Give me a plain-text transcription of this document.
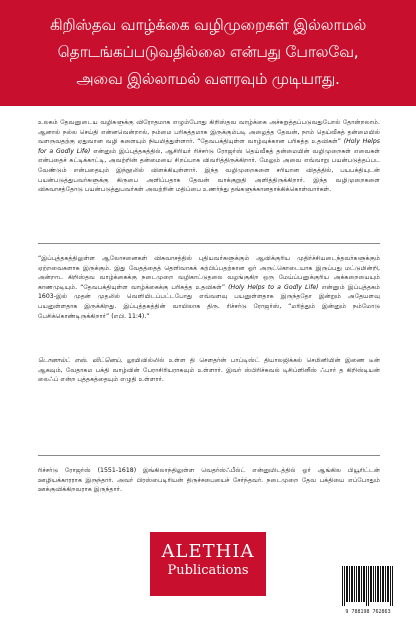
கிறிஸ்தவ வாழ்க்கை வழிமுறைகள் இல்லாமல்
தொடங்கப்படுவதில்லை என்பது போலவே,
அவை இல்லாமல் வளரவும் முடியாது.
உலகம் தேவனுடைய வழிகளுக்கு விரோதமாக எழும்போது கிறிஸ்தவ வாழ்க்கை அச்சுறுத்தப்படுவதுபோல் தோன்றலாம். ஆனால் நல்ல செய்தி என்னவென்றால், நம்மை பரிசுத்தமாக இருக்கும்படி அழைத்த தேவன், நாம் தெய்வீகத் தன்மையில் வளருவதற்கு ஏதுவான வழி களையும் நியமித்துள்ளார். “தேவபக்தியுள்ள வாழ்வுக்கான பரிசுத்த உதவிகள்” (Holy Helps for a Godly Life) என்னும் இப்புத்தகத்தில், ஆசிரியர் ரிச்சர்டு ரோஜர்ஸ் தெய்வீகத் தன்மையின் வழிமுறைகள் எவைகள் என்பதைச் சுட்டிக்காட்டி, அவற்றின் தன்மையை சிறப்பாக விவரித்திருக்கிறார். மேலும் அவை எவ்வாறு பயன்படுத்தப்பட வேண்டும் என்பதையும் இந்நூலில் விளக்கியுள்ளார். இந்த வழிமுறைகளை சரியான விதத்தில், பயபக்தியுடன் பயன்படுத்துபவர்களுக்கு கிருபை அளிப்பதாக தேவன் வாக்குறுதி அளித்திருக்கிறார். இந்த வழிமுறைகளை விசுவாசத்தோடு பயன்படுத்துபவர்கள் அவற்றின் மதிப்பை உணர்ந்து தங்களுக்கானதாக்கிக்கொள்வார்கள்.
“இப்புத்தகத்திலுள்ள ஆலோசனைகள் விசுவாசத்தில் புதியவர்களுக்கும் ஆவிக்குரிய முதிர்ச்சியடைந்தவர்களுக்கும் ஏற்றவைகளாக இருக்கும். இது வேதத்தைத் தெளிவாகக் கற்பிப்பதற்கான ஓர் அருட்கொடையாக இருப்பது மட்டுமின்றி, அன்றாட கிறிஸ்தவ வாழ்க்கைக்கு நடைமுறை வழிகாட்டுதலை வழங்குகிற ஒரு மேய்ப்பனுக்குரிய அக்கறையையும் காணமுடியும். “தேவபக்தியுள்ள வாழ்க்கைக்கு பரிசுத்த உதவிகள்” (Holy Helps to a Godly Life) என்னும் இப்புத்தகம் 1603-இல் முதன் முதலில் வெளியிடப்பட்டபோது எவ்வளவு பயனுள்ளதாக இருந்ததோ இன்றும் அதேயளவு பயனுள்ளதாக இருக்கிறது. இப்புத்தகத்தின் வாயிலாக திரு. ரிச்சர்டு ரோஜர்ஸ், “மரித்தும் இன்னும் நம்மோடு பேசிக்கொண்டிருக்கிறார்” (எபி. 11:4).”
டொனால்ட் எஸ். விட்னெய், லூயிவில்லில் உள்ள தி சௌதர்ன் பாப்டிஸ்ட் தியாலஜிக்கல் செமினியின் இணை டீன் ஆகவும், வேதாகம பக்தி வாழ்வின் பேராசிரியராகவும் உள்ளார். இவர் ஸ்பிரிச்சுவல் டிசிப்ளினீஸ் ஃபார் த கிறிஸ்டியன் லைஃப் என்ற புத்தகத்தையும் எழுதி உள்ளார்.
ரிச்சர்டு ரோஜர்ஸ் (1551-1618) இங்கிலாந்திலுள்ள வெதர்ஸ்ஃபீல்ட் என்னுமிடத்தில் ஓர் ஆங்கில பியூரிட்டன் ஊழியக்காரராக இருந்தார். அவர் பிரஸ்பைடிரியன் திருச்சபையைச் சேர்ந்தவர். நடைமுறை தேவ பக்தியை எப்போதும் ஊக்குவிக்கிறவராக இருந்தார்.
ALETHIA
Publications
9 788198 762863
